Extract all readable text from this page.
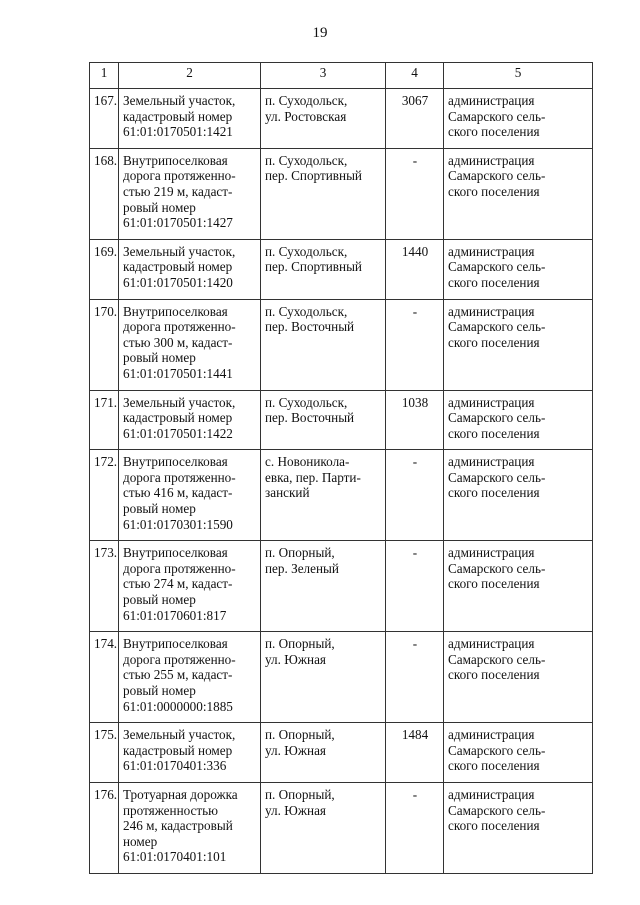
19
1	2	3	4	5
167.	Земельный участок,
кадастровый номер
61:01:0170501:1421	п. Суходольск,
ул. Ростовская	3067	администрация
Самарского сель-
ского поселения

168.	Внутрипоселковая
дорога протяженно-
стью 219 м, кадаст-
ровый номер
61:01:0170501:1427	п. Суходольск,
пер. Спортивный	-	администрация
Самарского сель-
ского поселения

169.	Земельный участок,
кадастровый номер
61:01:0170501:1420	п. Суходольск,
пер. Спортивный	1440	администрация
Самарского сель-
ского поселения

170.	Внутрипоселковая
дорога протяженно-
стью 300 м, кадаст-
ровый номер
61:01:0170501:1441	п. Суходольск,
пер. Восточный	-	администрация
Самарского сель-
ского поселения

171.	Земельный участок,
кадастровый номер
61:01:0170501:1422	п. Суходольск,
пер. Восточный	1038	администрация
Самарского сель-
ского поселения

172.	Внутрипоселковая
дорога протяженно-
стью 416 м, кадаст-
ровый номер
61:01:0170301:1590	с. Новоникола-
евка, пер. Парти-
занский	-	администрация
Самарского сель-
ского поселения

173.	Внутрипоселковая
дорога протяженно-
стью 274 м, кадаст-
ровый номер
61:01:0170601:817	п. Опорный,
пер. Зеленый	-	администрация
Самарского сель-
ского поселения

174.	Внутрипоселковая
дорога протяженно-
стью 255 м, кадаст-
ровый номер
61:01:0000000:1885	п. Опорный,
ул. Южная	-	администрация
Самарского сель-
ского поселения

175.	Земельный участок,
кадастровый номер
61:01:0170401:336	п. Опорный,
ул. Южная	1484	администрация
Самарского сель-
ского поселения

176.	Тротуарная дорожка
протяженностью
246 м, кадастровый
номер
61:01:0170401:101	п. Опорный,
ул. Южная	-	администрация
Самарского сель-
ского поселения
